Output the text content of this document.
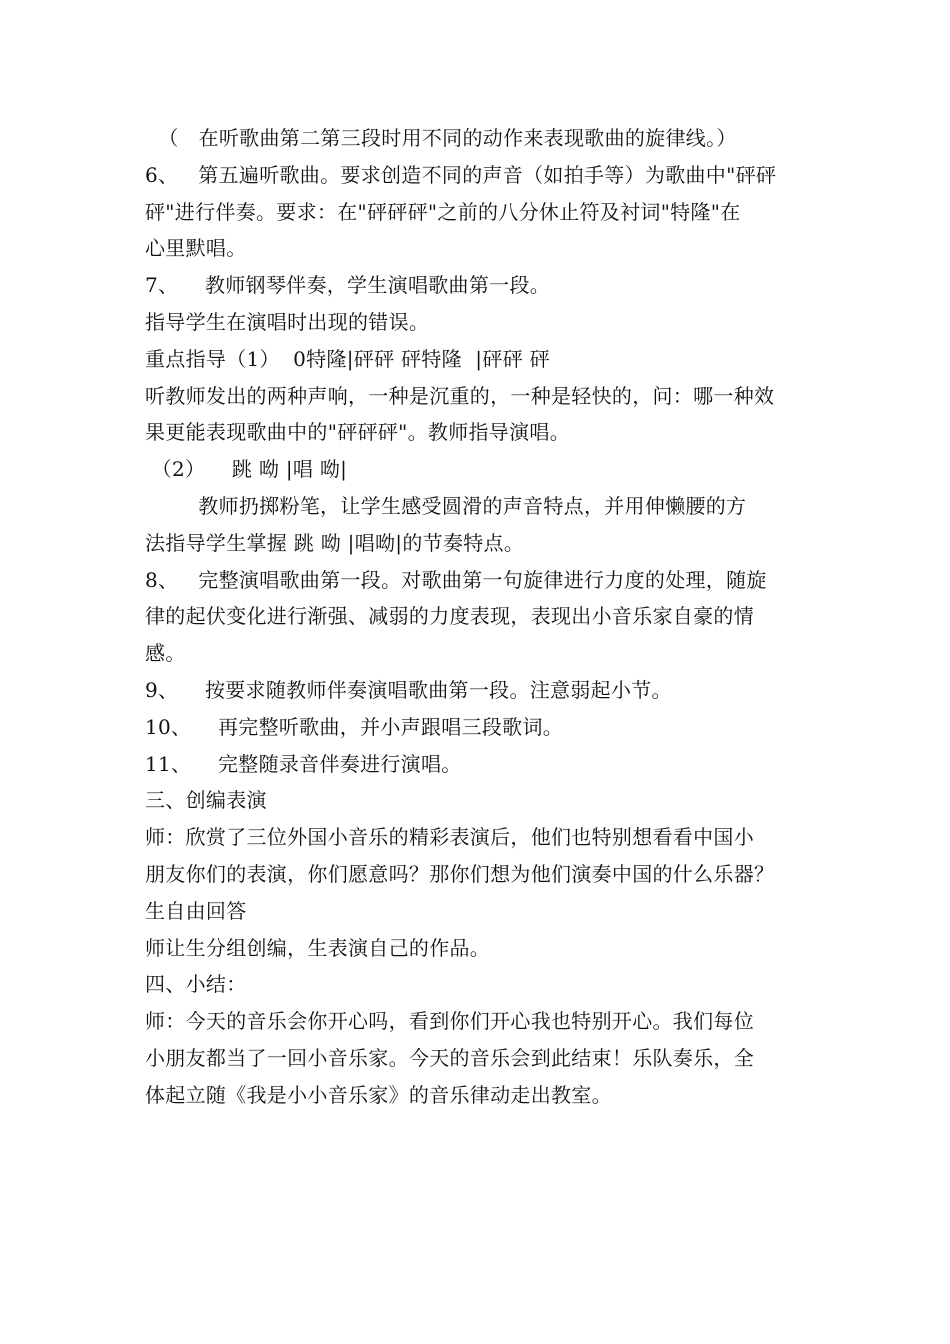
（   在听歌曲第二第三段时用不同的动作来表现歌曲的旋律线。）
6、   第五遍听歌曲。要求创造不同的声音（如拍手等）为歌曲中"砰砰
砰"进行伴奏。要求：在"砰砰砰"之前的八分休止符及衬词"特隆"在
心里默唱。
7、    教师钢琴伴奏，学生演唱歌曲第一段。
指导学生在演唱时出现的错误。
重点指导（1）  0特隆|砰砰 砰特隆  |砰砰 砰
听教师发出的两种声响，一种是沉重的，一种是轻快的，问：哪一种效
果更能表现歌曲中的"砰砰砰"。教师指导演唱。
（2）    跳 呦 |唱 呦|
教师扔掷粉笔，让学生感受圆滑的声音特点，并用伸懒腰的方
法指导学生掌握 跳 呦 |唱呦|的节奏特点。
8、   完整演唱歌曲第一段。对歌曲第一句旋律进行力度的处理，随旋
律的起伏变化进行渐强、减弱的力度表现，表现出小音乐家自豪的情
感。
9、    按要求随教师伴奏演唱歌曲第一段。注意弱起小节。
10、    再完整听歌曲，并小声跟唱三段歌词。
11、    完整随录音伴奏进行演唱。
三、创编表演
师：欣赏了三位外国小音乐的精彩表演后，他们也特别想看看中国小
朋友你们的表演，你们愿意吗？那你们想为他们演奏中国的什么乐器？
生自由回答
师让生分组创编，生表演自己的作品。
四、小结：
师：今天的音乐会你开心吗，看到你们开心我也特别开心。我们每位
小朋友都当了一回小音乐家。今天的音乐会到此结束！乐队奏乐，全
体起立随《我是小小音乐家》的音乐律动走出教室。
